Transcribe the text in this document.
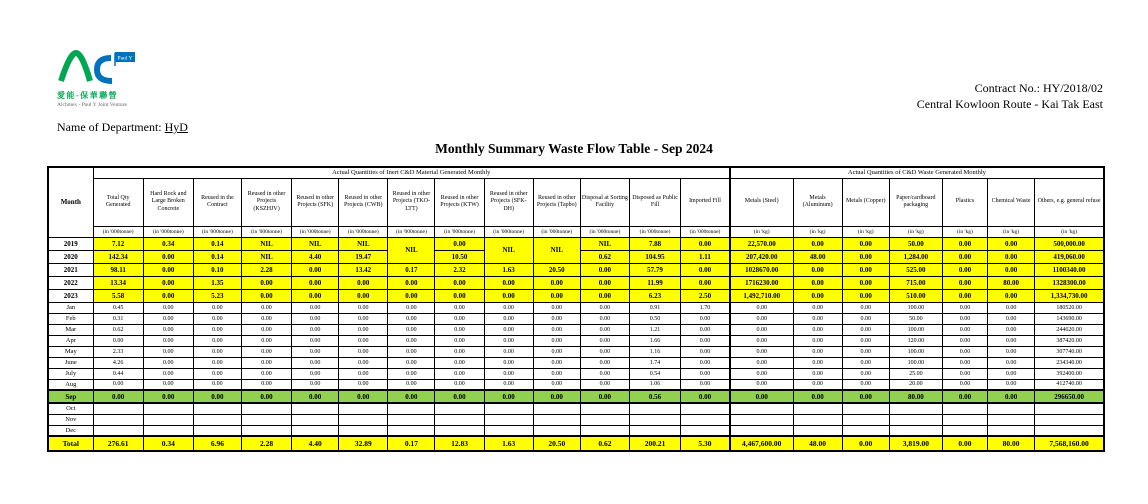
Paul Y
愛能-保華聯營
Alchmex - Paul Y Joint Venture
Contract No.: HY/2018/02
Central Kowloon Route - Kai Tak East
Name of Department: HyD
Monthly Summary Waste Flow Table - Sep 2024
Month	Actual Quantities of Inert C&D Material Generated Monthly													Actual Quantities of C&D Waste Generated Monthly						
	Total Qty Generated	Hard Rock and Large Broken Concrete	Reused in the Contract	Reused in other Projects (KSZHJV)	Reused in other Projects (SFK)	Reused in other Projects (CWB)	Reused in other Projects (TKO-LTT)	Reused in other Projects (KTW)	Reused in other Projects (SFK-DH)	Reused in other Projects (Tapbo)	Disposal at Sorting Facility	Disposed as Public Fill	Imported Fill	Metals (Steel)	Metals (Aluminum)	Metals (Copper)	Paper/cardboard packaging	Plastics	Chemical Waste	Others, e.g. general refuse
	(in '000tonne)	(in '000tonne)	(in '000tonne)	(in '000tonne)	(in '000tonne)	(in '000tonne)	(in '000tonne)	(in '000tonne)	(in '000tonne)	(in '000tonne)	(in '000tonne)	(in '000tonne)	(in '000tonne)	(in 'kg)	(in 'kg)	(in 'kg)	(in 'kg)	(in 'kg)	(in 'kg)	(in 'kg)
2019	7.12	0.34	0.14	NIL	NIL	NIL	NIL	0.00	NIL	NIL	NIL	7.88	0.00	22,570.00	0.00	0.00	50.00	0.00	0.00	500,000.00
2020	142.34	0.00	0.14	NIL	4.40	19.47		10.50			0.62	104.95	1.11	207,420.00	48.00	0.00	1,284.00	0.00	0.00	419,060.00
2021	98.11	0.00	0.10	2.28	0.00	13.42	0.17	2.32	1.63	20.50	0.00	57.79	0.00	1028670.00	0.00	0.00	525.00	0.00	0.00	1100340.00
2022	13.34	0.00	1.35	0.00	0.00	0.00	0.00	0.00	0.00	0.00	0.00	11.99	0.00	1716230.00	0.00	0.00	715.00	0.00	80.00	1328300.00
2023	5.58	0.00	5.23	0.00	0.00	0.00	0.00	0.00	0.00	0.00	0.00	6.23	2.50	1,492,710.00	0.00	0.00	510.00	0.00	0.00	1,334,730.00
Jan	0.45	0.00	0.00	0.00	0.00	0.00	0.00	0.00	0.00	0.00	0.00	0.91	1.70	0.00	0.00	0.00	100.00	0.00	0.00	180520.00
Feb	0.31	0.00	0.00	0.00	0.00	0.00	0.00	0.00	0.00	0.00	0.00	0.50	0.00	0.00	0.00	0.00	50.00	0.00	0.00	143690.00
Mar	0.62	0.00	0.00	0.00	0.00	0.00	0.00	0.00	0.00	0.00	0.00	1.21	0.00	0.00	0.00	0.00	100.00	0.00	0.00	244620.00
Apr	0.00	0.00	0.00	0.00	0.00	0.00	0.00	0.00	0.00	0.00	0.00	1.66	0.00	0.00	0.00	0.00	120.00	0.00	0.00	387420.00
May	2.33	0.00	0.00	0.00	0.00	0.00	0.00	0.00	0.00	0.00	0.00	1.16	0.00	0.00	0.00	0.00	100.00	0.00	0.00	307740.00
June	4.26	0.00	0.00	0.00	0.00	0.00	0.00	0.00	0.00	0.00	0.00	1.74	0.00	0.00	0.00	0.00	100.00	0.00	0.00	234340.00
July	0.44	0.00	0.00	0.00	0.00	0.00	0.00	0.00	0.00	0.00	0.00	0.54	0.00	0.00	0.00	0.00	25.00	0.00	0.00	392400.00
Aug	0.00	0.00	0.00	0.00	0.00	0.00	0.00	0.00	0.00	0.00	0.00	1.06	0.00	0.00	0.00	0.00	20.00	0.00	0.00	412740.00
Sep	0.00	0.00	0.00	0.00	0.00	0.00	0.00	0.00	0.00	0.00	0.00	0.56	0.00	0.00	0.00	0.00	80.00	0.00	0.00	296650.00
Oct																				
Nov																				
Dec																				
Total	276.61	0.34	6.96	2.28	4.40	32.89	0.17	12.83	1.63	20.50	0.62	200.21	5.30	4,467,600.00	48.00	0.00	3,819.00	0.00	80.00	7,568,160.00
